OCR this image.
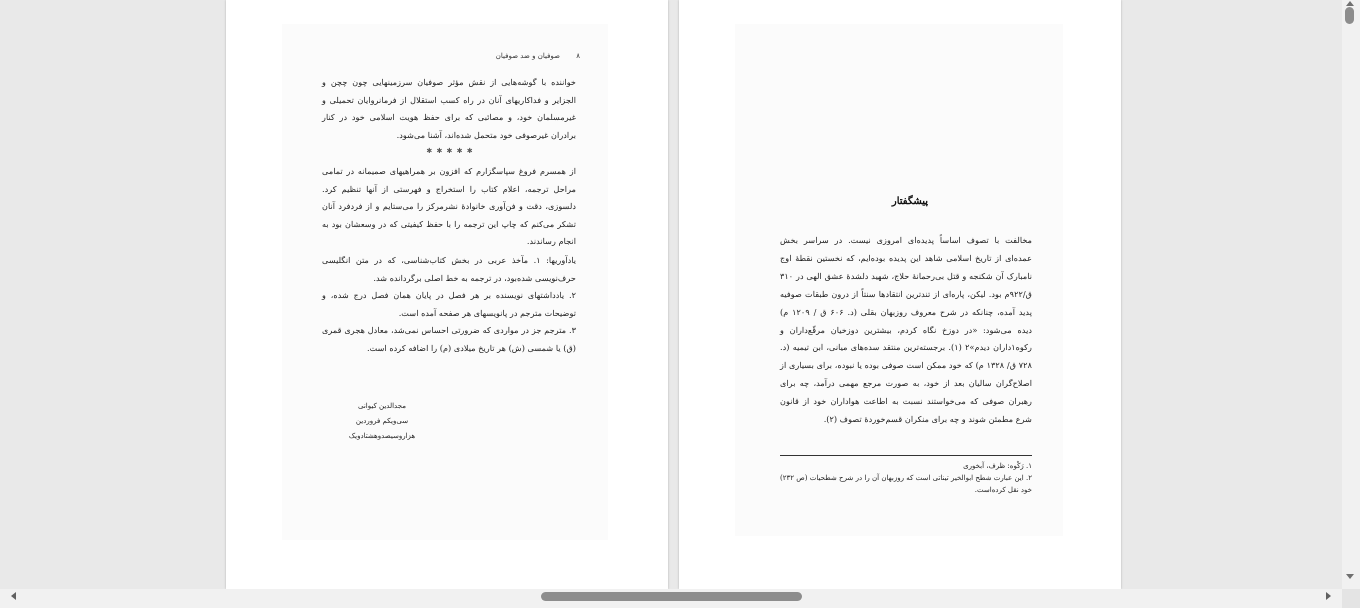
۸
صوفیان و ضد صوفیان
خواننده با گوشه‌هایی از نقش مؤثر صوفیان سرزمینهایی چون چچن و الجزایر و فداکاریهای آنان در راه کسب استقلال از فرمانروایان تحمیلی و غیرمسلمان خود، و مصائبی که برای حفظ هویت اسلامی خود در کنار برادران غیرصوفی خود متحمل شده‌اند، آشنا می‌شود.
✱ ✱ ✱ ✱ ✱
از همسرم فروغ سپاسگزارم که افزون بر همراهیهای صمیمانه در تمامی مراحل ترجمه، اعلام کتاب را استخراج و فهرستی از آنها تنظیم کرد. دلسوزی، دقت و فن‌آوری خانوادهٔ نشرمرکز را می‌ستایم و از فردفرد آنان تشکر می‌کنم که چاپ این ترجمه را با حفظ کیفیتی که در وسعشان بود به انجام رساندند.
یادآوریها: ۱. مآخذ عربی در بخش کتاب‌شناسی، که در متن انگلیسی حرف‌نویسی شده‌بود، در ترجمه به خط اصلی برگردانده شد.
۲. یادداشتهای نویسنده بر هر فصل در پایان همان فصل درج شده، و توضیحات مترجم در پانویسهای هر صفحه آمده است.
۳. مترجم جز در مواردی که ضرورتی احساس نمی‌شد، معادل هجری قمری (ق) یا شمسی (ش) هر تاریخ میلادی (م) را اضافه کرده است.
مجدالدین کیوانی
سی‌ویکم فروردین
هزاروسیصدوهشتادویک
پیشگفتار
مخالفت با تصوف اساساً پدیده‌ای امروزی نیست. در سراسر بخش عمده‌ای از تاریخ اسلامی شاهد این پدیده بوده‌ایم، که نخستین نقطهٔ اوج نامبارک آن شکنجه و قتل بی‌رحمانهٔ حلاج، شهید دلشدهٔ عشق الهی در ۳۱۰ ق/۹۲۲م بود. لیکن، پاره‌ای از تندترین انتقادها سنتاً از درون طبقات صوفیه پدید آمده، چنانکه در شرح معروف روزبهان بقلی (د. ۶۰۶ ق / ۱۲۰۹ م) دیده می‌شود: «در دوزخ نگاه کردم، بیشترین دوزخیان مرقّع‌داران و رکوه۱داران دیدم»۲ (۱). برجسته‌ترین منتقد سده‌های میانی، ابن تیمیه (د. ۷۲۸ ق/ ۱۳۲۸ م) که خود ممکن است صوفی بوده یا نبوده، برای بسیاری از اصلاح‌گران سالیان بعد از خود، به صورت مرجع مهمی درآمد، چه برای رهبران صوفی که می‌خواستند نسبت به اطاعت هواداران خود از قانون شرع مطمئن شوند و چه برای منکران قسم‌خوردهٔ تصوف (۲).
۱. رَکْوه: ظرف، آبخوری
۲. این عبارت شطح ابوالخیر تیناتی است که روزبهان آن را در شرح شطحیات (ص ۲۳۲) خود نقل کرده‌است.
